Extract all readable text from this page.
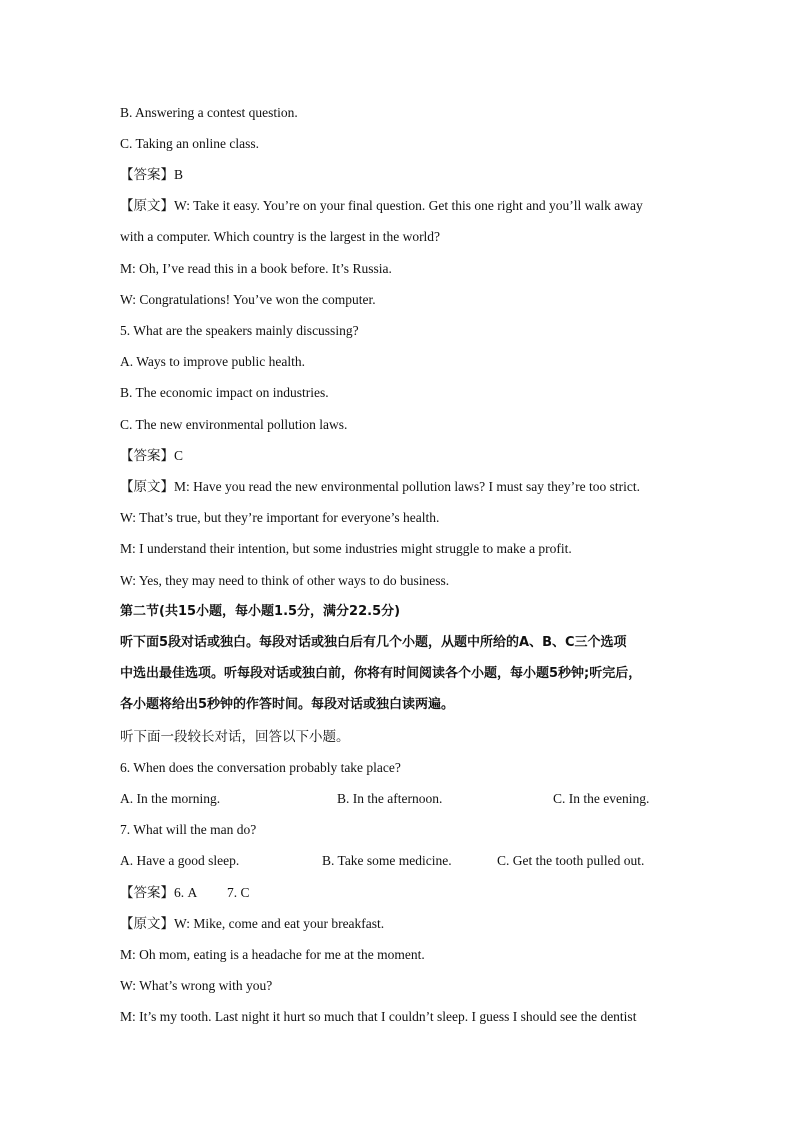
B. Answering a contest question.
C. Taking an online class.
【答案】B
【原文】W: Take it easy. You’re on your final question. Get this one right and you’ll walk away
with a computer. Which country is the largest in the world?
M: Oh, I’ve read this in a book before. It’s Russia.
W: Congratulations! You’ve won the computer.
5. What are the speakers mainly discussing?
A. Ways to improve public health.
B. The economic impact on industries.
C. The new environmental pollution laws.
【答案】C
【原文】M: Have you read the new environmental pollution laws? I must say they’re too strict.
W: That’s true, but they’re important for everyone’s health.
M: I understand their intention, but some industries might struggle to make a profit.
W: Yes, they may need to think of other ways to do business.
第二节(共15小题，每小题1.5分，满分22.5分)
听下面5段对话或独白。每段对话或独白后有几个小题，从题中所给的A、B、C三个选项
中选出最佳选项。听每段对话或独白前，你将有时间阅读各个小题，每小题5秒钟;听完后，
各小题将给出5秒钟的作答时间。每段对话或独白读两遍。
听下面一段较长对话，回答以下小题。
6. When does the conversation probably take place?
A. In the morning.	B. In the afternoon.	C. In the evening.
7. What will the man do?
A. Have a good sleep.	B. Take some medicine.	C. Get the tooth pulled out.
【答案】6. A 7. C
【原文】W: Mike, come and eat your breakfast.
M: Oh mom, eating is a headache for me at the moment.
W: What’s wrong with you?
M: It’s my tooth. Last night it hurt so much that I couldn’t sleep. I guess I should see the dentist
